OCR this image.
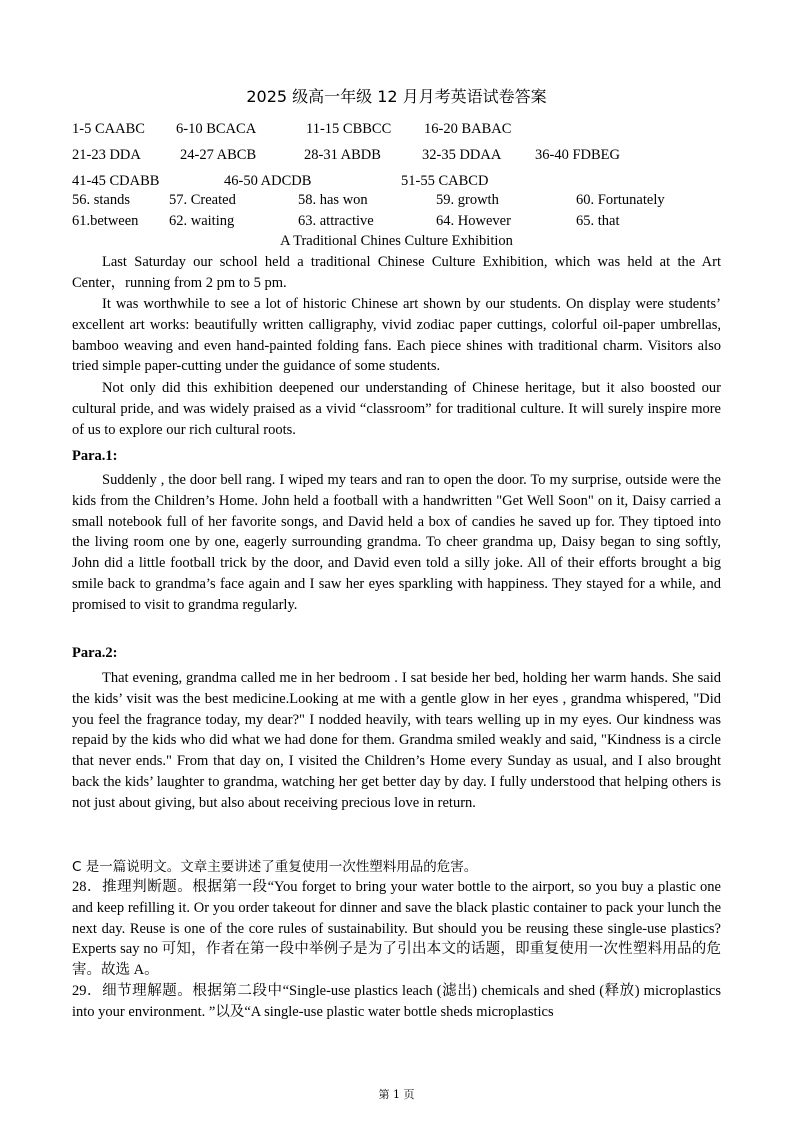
2025 级高一年级 12 月月考英语试卷答案
1-5 CAABC 6-10 BCACA	11-15 CBBCC 16-20 BABAC
21-23 DDA	24-27 ABCB	28-31 ABDB	32-35 DDAA 36-40 FDBEG
41-45 CDABB	46-50 ADCDB	51-55 CABCD
56. stands	57. Created	58. has won	59. growth	60. Fortunately
61.between 62. waiting	63. attractive	64. However	65. that
A Traditional Chines Culture Exhibition

Last Saturday our school held a traditional Chinese Culture Exhibition, which was held at the Art Center，running from 2 pm to 5 pm.

It was worthwhile to see a lot of historic Chinese art shown by our students. On display were students’ excellent art works: beautifully written calligraphy, vivid zodiac paper cuttings, colorful oil-paper umbrellas, bamboo weaving and even hand-painted folding fans. Each piece shines with traditional charm. Visitors also tried simple paper-cutting under the guidance of some students.

Not only did this exhibition deepened our understanding of Chinese heritage, but it also boosted our cultural pride, and was widely praised as a vivid “classroom” for traditional culture. It will surely inspire more of us to explore our rich cultural roots.

Para.1:

Suddenly , the door bell rang. I wiped my tears and ran to open the door. To my surprise, outside were the kids from the Children’s Home. John held a football with a handwritten "Get Well Soon" on it, Daisy carried a small notebook full of her favorite songs, and David held a box of candies he saved up for. They tiptoed into the living room one by one, eagerly surrounding grandma. To cheer grandma up, Daisy began to sing softly, John did a little football trick by the door, and David even told a silly joke. All of their efforts brought a big smile back to grandma’s face again and I saw her eyes sparkling with happiness. They stayed for a while, and promised to visit to grandma regularly.

Para.2:

That evening, grandma called me in her bedroom . I sat beside her bed, holding her warm hands. She said the kids’ visit was the best medicine.Looking at me with a gentle glow in her eyes , grandma whispered, "Did you feel the fragrance today, my dear?" I nodded heavily, with tears welling up in my eyes. Our kindness was repaid by the kids who did what we had done for them. Grandma smiled weakly and said, "Kindness is a circle that never ends." From that day on, I visited the Children’s Home every Sunday as usual, and I also brought back the kids’ laughter to grandma, watching her get better day by day. I fully understood that helping others is not just about giving, but also about receiving precious love in return.

C 是一篇说明文。文章主要讲述了重复使用一次性塑料用品的危害。

28．推理判断题。根据第一段“You forget to bring your water bottle to the airport, so you buy a plastic one and keep refilling it. Or you order takeout for dinner and save the black plastic container to pack your lunch the next day. Reuse is one of the core rules of sustainability. But should you be reusing these single-use plastics? Experts say no 可知，作者在第一段中举例子是为了引出本文的话题，即重复使用一次性塑料用品的危害。故选 A。

29．细节理解题。根据第二段中“Single-use plastics leach (滤出) chemicals and shed (释放) microplastics into your environment. ”以及“A single-use plastic water bottle sheds microplastics

第 1 页
